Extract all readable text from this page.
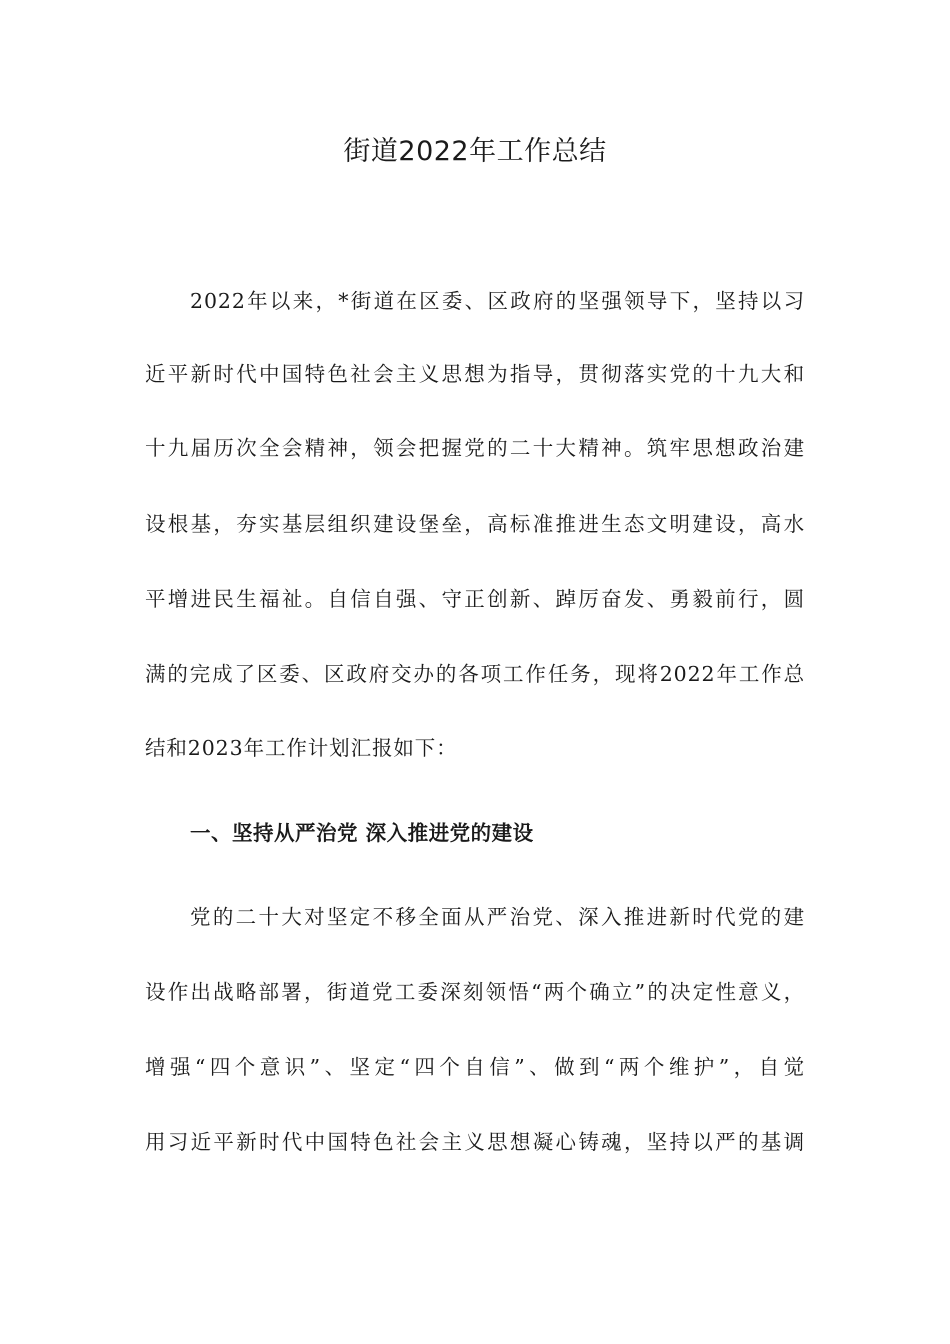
街道2022年工作总结
2022年以来，*街道在区委、区政府的坚强领导下，坚持以习
近平新时代中国特色社会主义思想为指导，贯彻落实党的十九大和
十九届历次全会精神，领会把握党的二十大精神。筑牢思想政治建
设根基，夯实基层组织建设堡垒，高标准推进生态文明建设，高水
平增进民生福祉。自信自强、守正创新、踔厉奋发、勇毅前行，圆
满的完成了区委、区政府交办的各项工作任务，现将2022年工作总
结和2023年工作计划汇报如下：
一、坚持从严治党 深入推进党的建设
党的二十大对坚定不移全面从严治党、深入推进新时代党的建
设作出战略部署，街道党工委深刻领悟“两个确立”的决定性意义，
增强“四个意识”、坚定“四个自信”、做到“两个维护”，自觉
用习近平新时代中国特色社会主义思想凝心铸魂，坚持以严的基调
